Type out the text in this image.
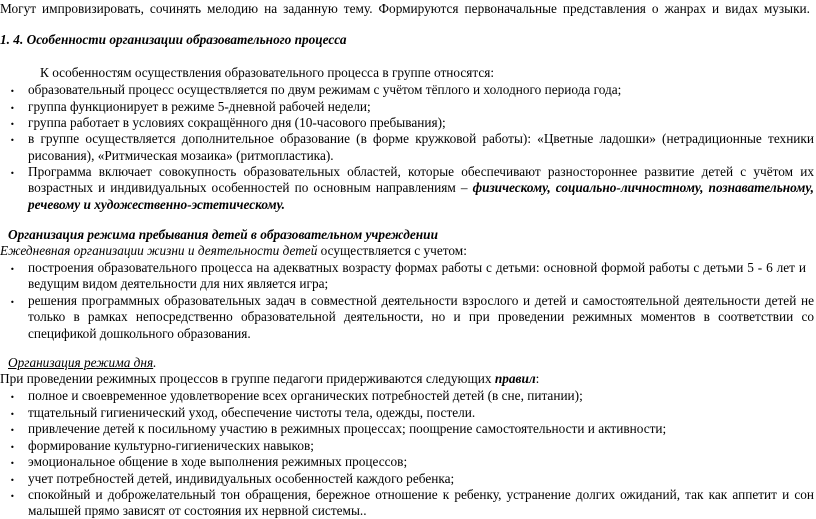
Могут импровизировать, сочинять мелодию на заданную тему. Формируются первоначальные представления о жанрах и видах музыки.
1. 4. Особенности организации образовательного процесса
К особенностям осуществления образовательного процесса в группе относятся:
• образовательный процесс осуществляется по двум режимам с учётом тёплого и холодного периода года;
• группа функционирует в режиме 5-дневной рабочей недели;
• группа работает в условиях сокращённого дня (10-часового пребывания);
• в группе осуществляется дополнительное образование (в форме кружковой работы): «Цветные ладошки» (нетрадиционные техники
рисования), «Ритмическая мозаика» (ритмопластика).
• Программа включает совокупность образовательных областей, которые обеспечивают разностороннее развитие детей с учётом их
возрастных и индивидуальных особенностей по основным направлениям – физическому, социально-личностному, познавательному,
речевому и художественно-эстетическому.
Организация режима пребывания детей в образовательном учреждении
Ежедневная организации жизни и деятельности детей осуществляется с учетом:
• построения образовательного процесса на адекватных возрасту формах работы с детьми: основной формой работы с детьми 5 - 6 лет и
ведущим видом деятельности для них является игра;
• решения программных образовательных задач в совместной деятельности взрослого и детей и самостоятельной деятельности детей не
только в рамках непосредственно образовательной деятельности, но и при проведении режимных моментов в соответствии со
спецификой дошкольного образования.
Организация режима дня.
При проведении режимных процессов в группе педагоги придерживаются следующих правил:
• полное и своевременное удовлетворение всех органических потребностей детей (в сне, питании);
• тщательный гигиенический уход, обеспечение чистоты тела, одежды, постели.
• привлечение детей к посильному участию в режимных процессах; поощрение самостоятельности и активности;
• формирование культурно-гигиенических навыков;
• эмоциональное общение в ходе выполнения режимных процессов;
• учет потребностей детей, индивидуальных особенностей каждого ребенка;
• спокойный и доброжелательный тон обращения, бережное отношение к ребенку, устранение долгих ожиданий, так как аппетит и сон
малышей прямо зависят от состояния их нервной системы..
